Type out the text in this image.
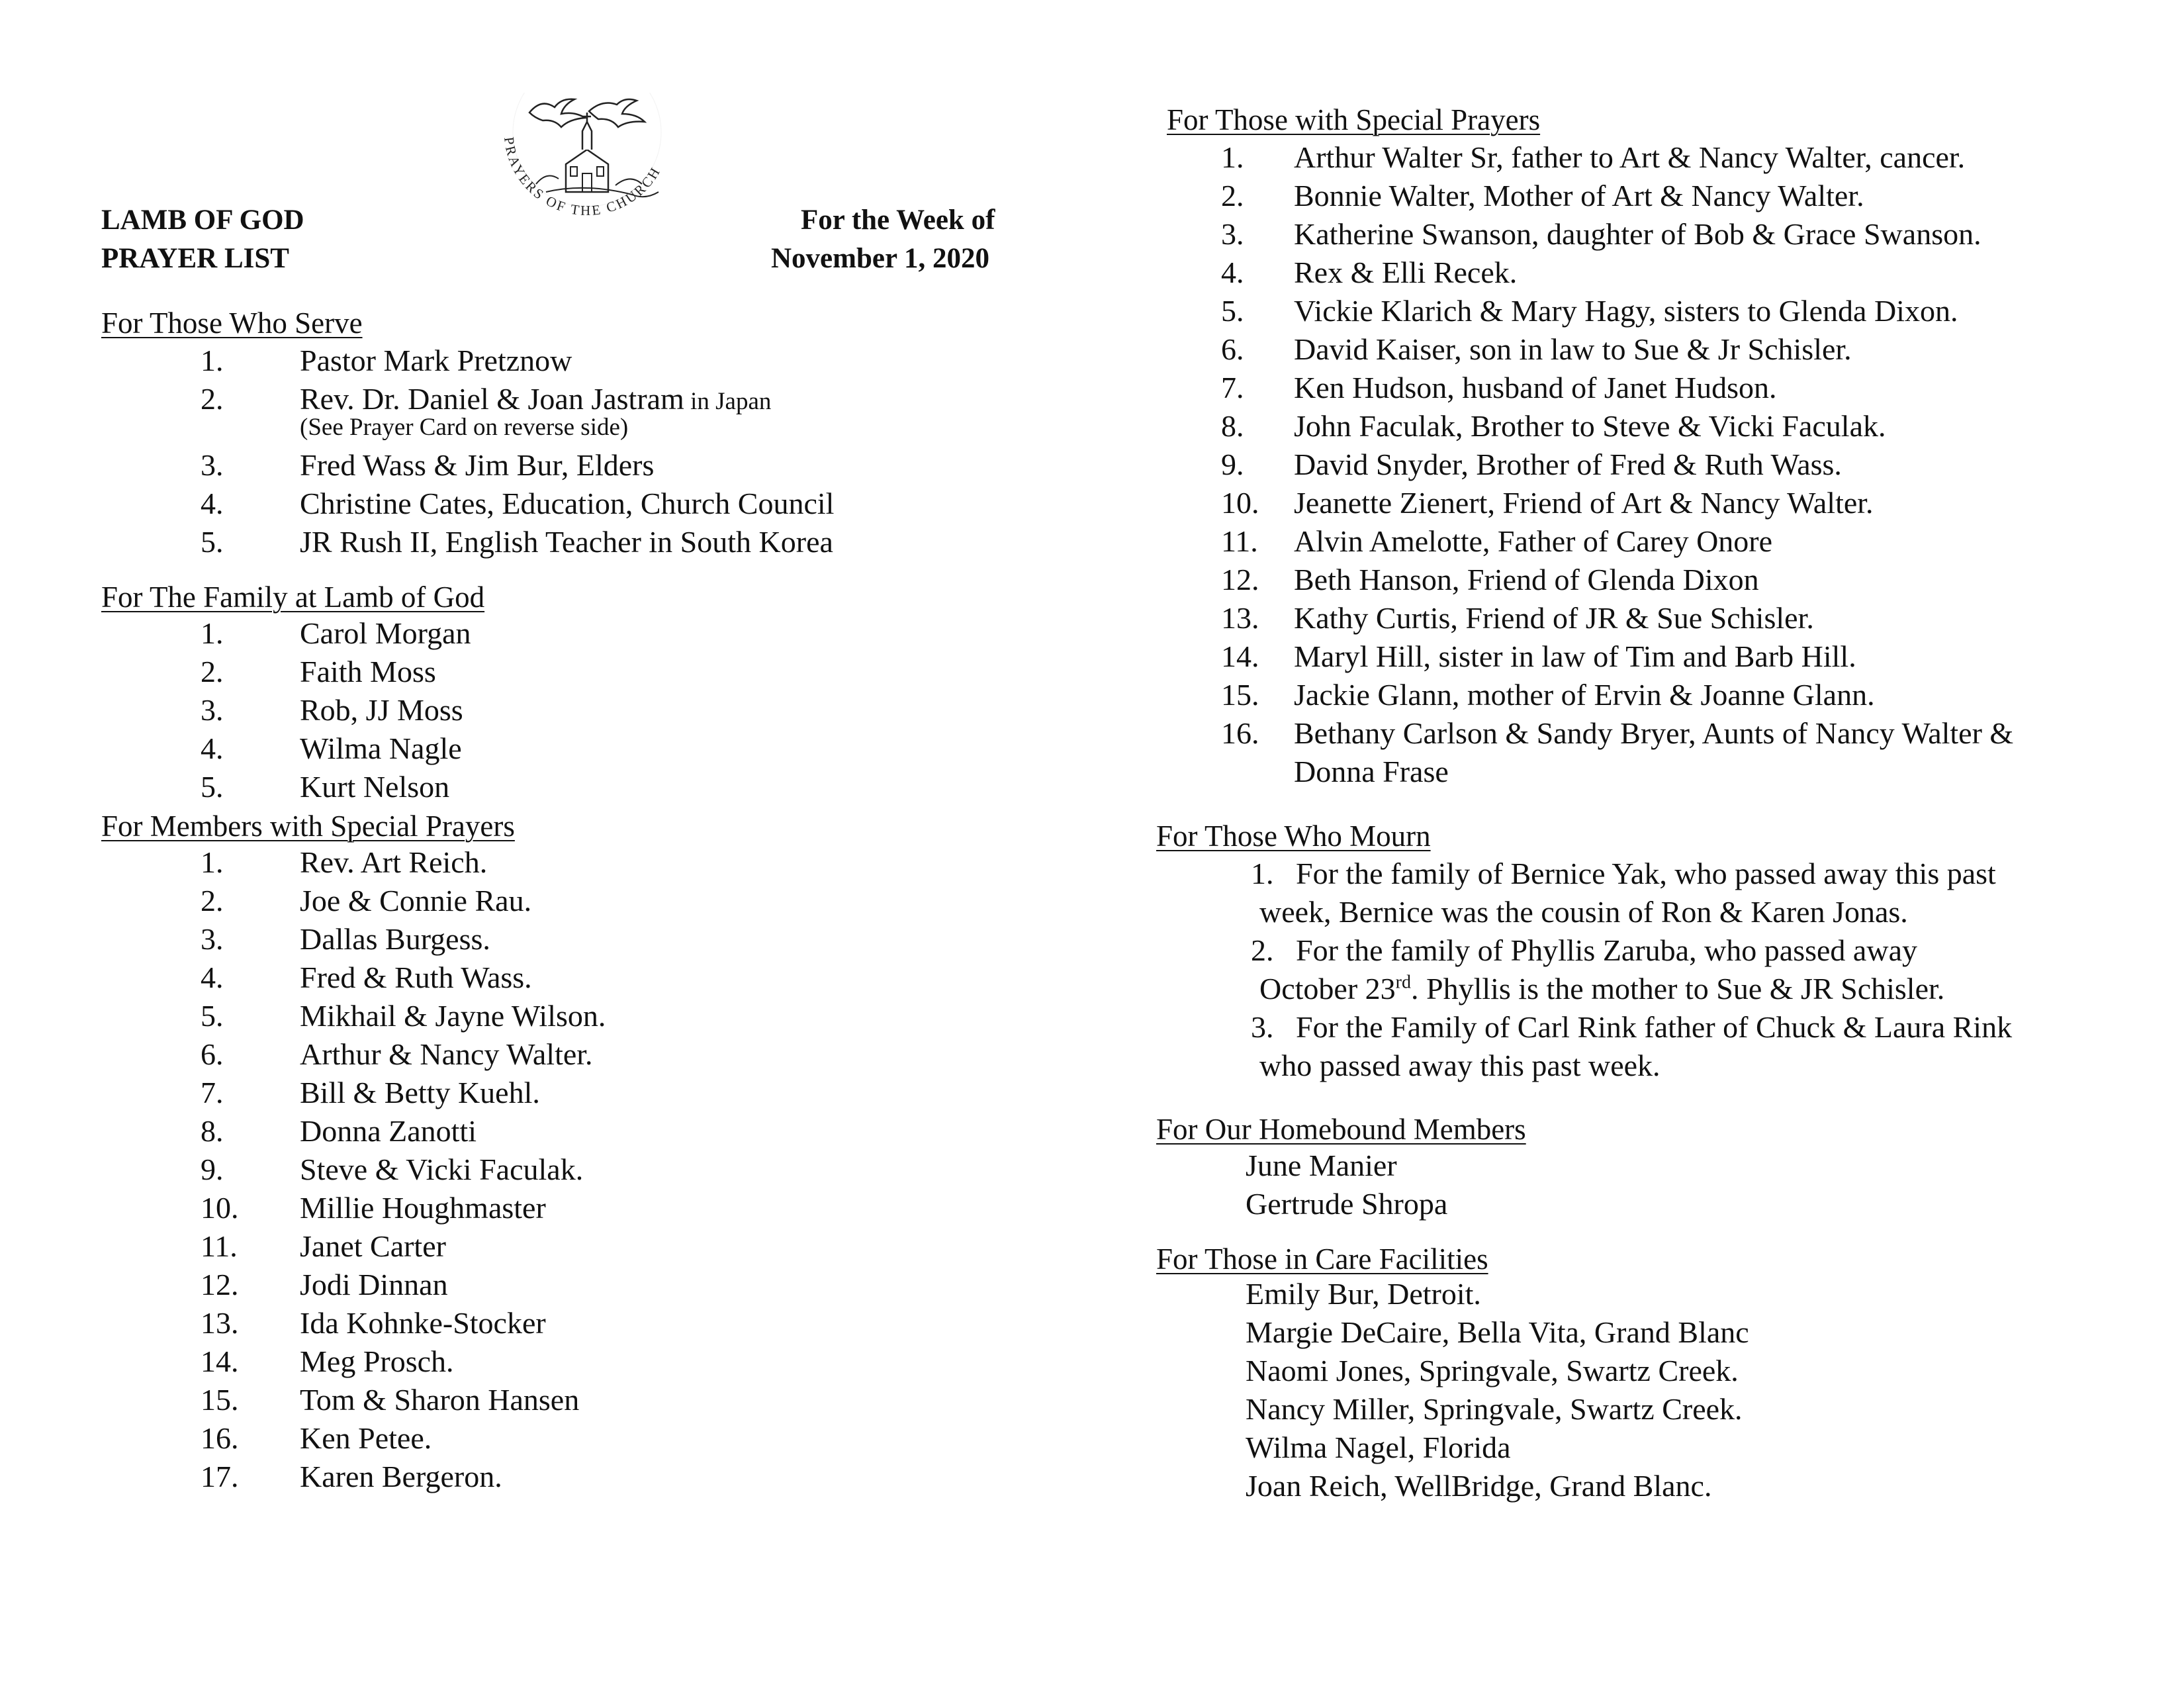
LAMB OF GOD
PRAYER LIST
For the Week of
November 1, 2020
PRAYERS OF THE CHURCH
For Those Who Serve
1.	Pastor Mark Pretznow
2.	Rev. Dr. Daniel & Joan Jastram in Japan
(See Prayer Card on reverse side)
3.	Fred Wass & Jim Bur, Elders
4.	Christine Cates, Education, Church Council
5.	JR Rush II, English Teacher in South Korea
For The Family at Lamb of God
1.	Carol Morgan
2.	Faith Moss
3.	Rob, JJ Moss
4.	Wilma Nagle
5.	Kurt Nelson
For Members with Special Prayers
1.	Rev. Art Reich.
2.	Joe & Connie Rau.
3.	Dallas Burgess.
4.	Fred & Ruth Wass.
5.	Mikhail & Jayne Wilson.
6.	Arthur & Nancy Walter.
7.	Bill & Betty Kuehl.
8.	Donna Zanotti
9.	Steve & Vicki Faculak.
10. Millie Houghmaster
11. Janet Carter
12. Jodi Dinnan
13. Ida Kohnke-Stocker
14. Meg Prosch.
15. Tom & Sharon Hansen
16. Ken Petee.
17. Karen Bergeron.
For Those with Special Prayers
1. Arthur Walter Sr, father to Art & Nancy Walter, cancer.
2. Bonnie Walter, Mother of Art & Nancy Walter.
3. Katherine Swanson, daughter of Bob & Grace Swanson.
4. Rex & Elli Recek.
5. Vickie Klarich & Mary Hagy, sisters to Glenda Dixon.
6. David Kaiser, son in law to Sue & Jr Schisler.
7. Ken Hudson, husband of Janet Hudson.
8. John Faculak, Brother to Steve & Vicki Faculak.
9. David Snyder, Brother of Fred & Ruth Wass.
10. Jeanette Zienert, Friend of Art & Nancy Walter.
11. Alvin Amelotte, Father of Carey Onore
12. Beth Hanson, Friend of Glenda Dixon
13. Kathy Curtis, Friend of JR & Sue Schisler.
14. Maryl Hill, sister in law of Tim and Barb Hill.
15. Jackie Glann, mother of Ervin & Joanne Glann.
16. Bethany Carlson & Sandy Bryer, Aunts of Nancy Walter &
Donna Frase
For Those Who Mourn
1. For the family of Bernice Yak, who passed away this past
week, Bernice was the cousin of Ron & Karen Jonas.
2. For the family of Phyllis Zaruba, who passed away
October 23rd. Phyllis is the mother to Sue & JR Schisler.
3. For the Family of Carl Rink father of Chuck & Laura Rink
who passed away this past week.
For Our Homebound Members
June Manier
Gertrude Shropa
For Those in Care Facilities
Emily Bur, Detroit.
Margie DeCaire, Bella Vita, Grand Blanc
Naomi Jones, Springvale, Swartz Creek.
Nancy Miller, Springvale, Swartz Creek.
Wilma Nagel, Florida
Joan Reich, WellBridge, Grand Blanc.
